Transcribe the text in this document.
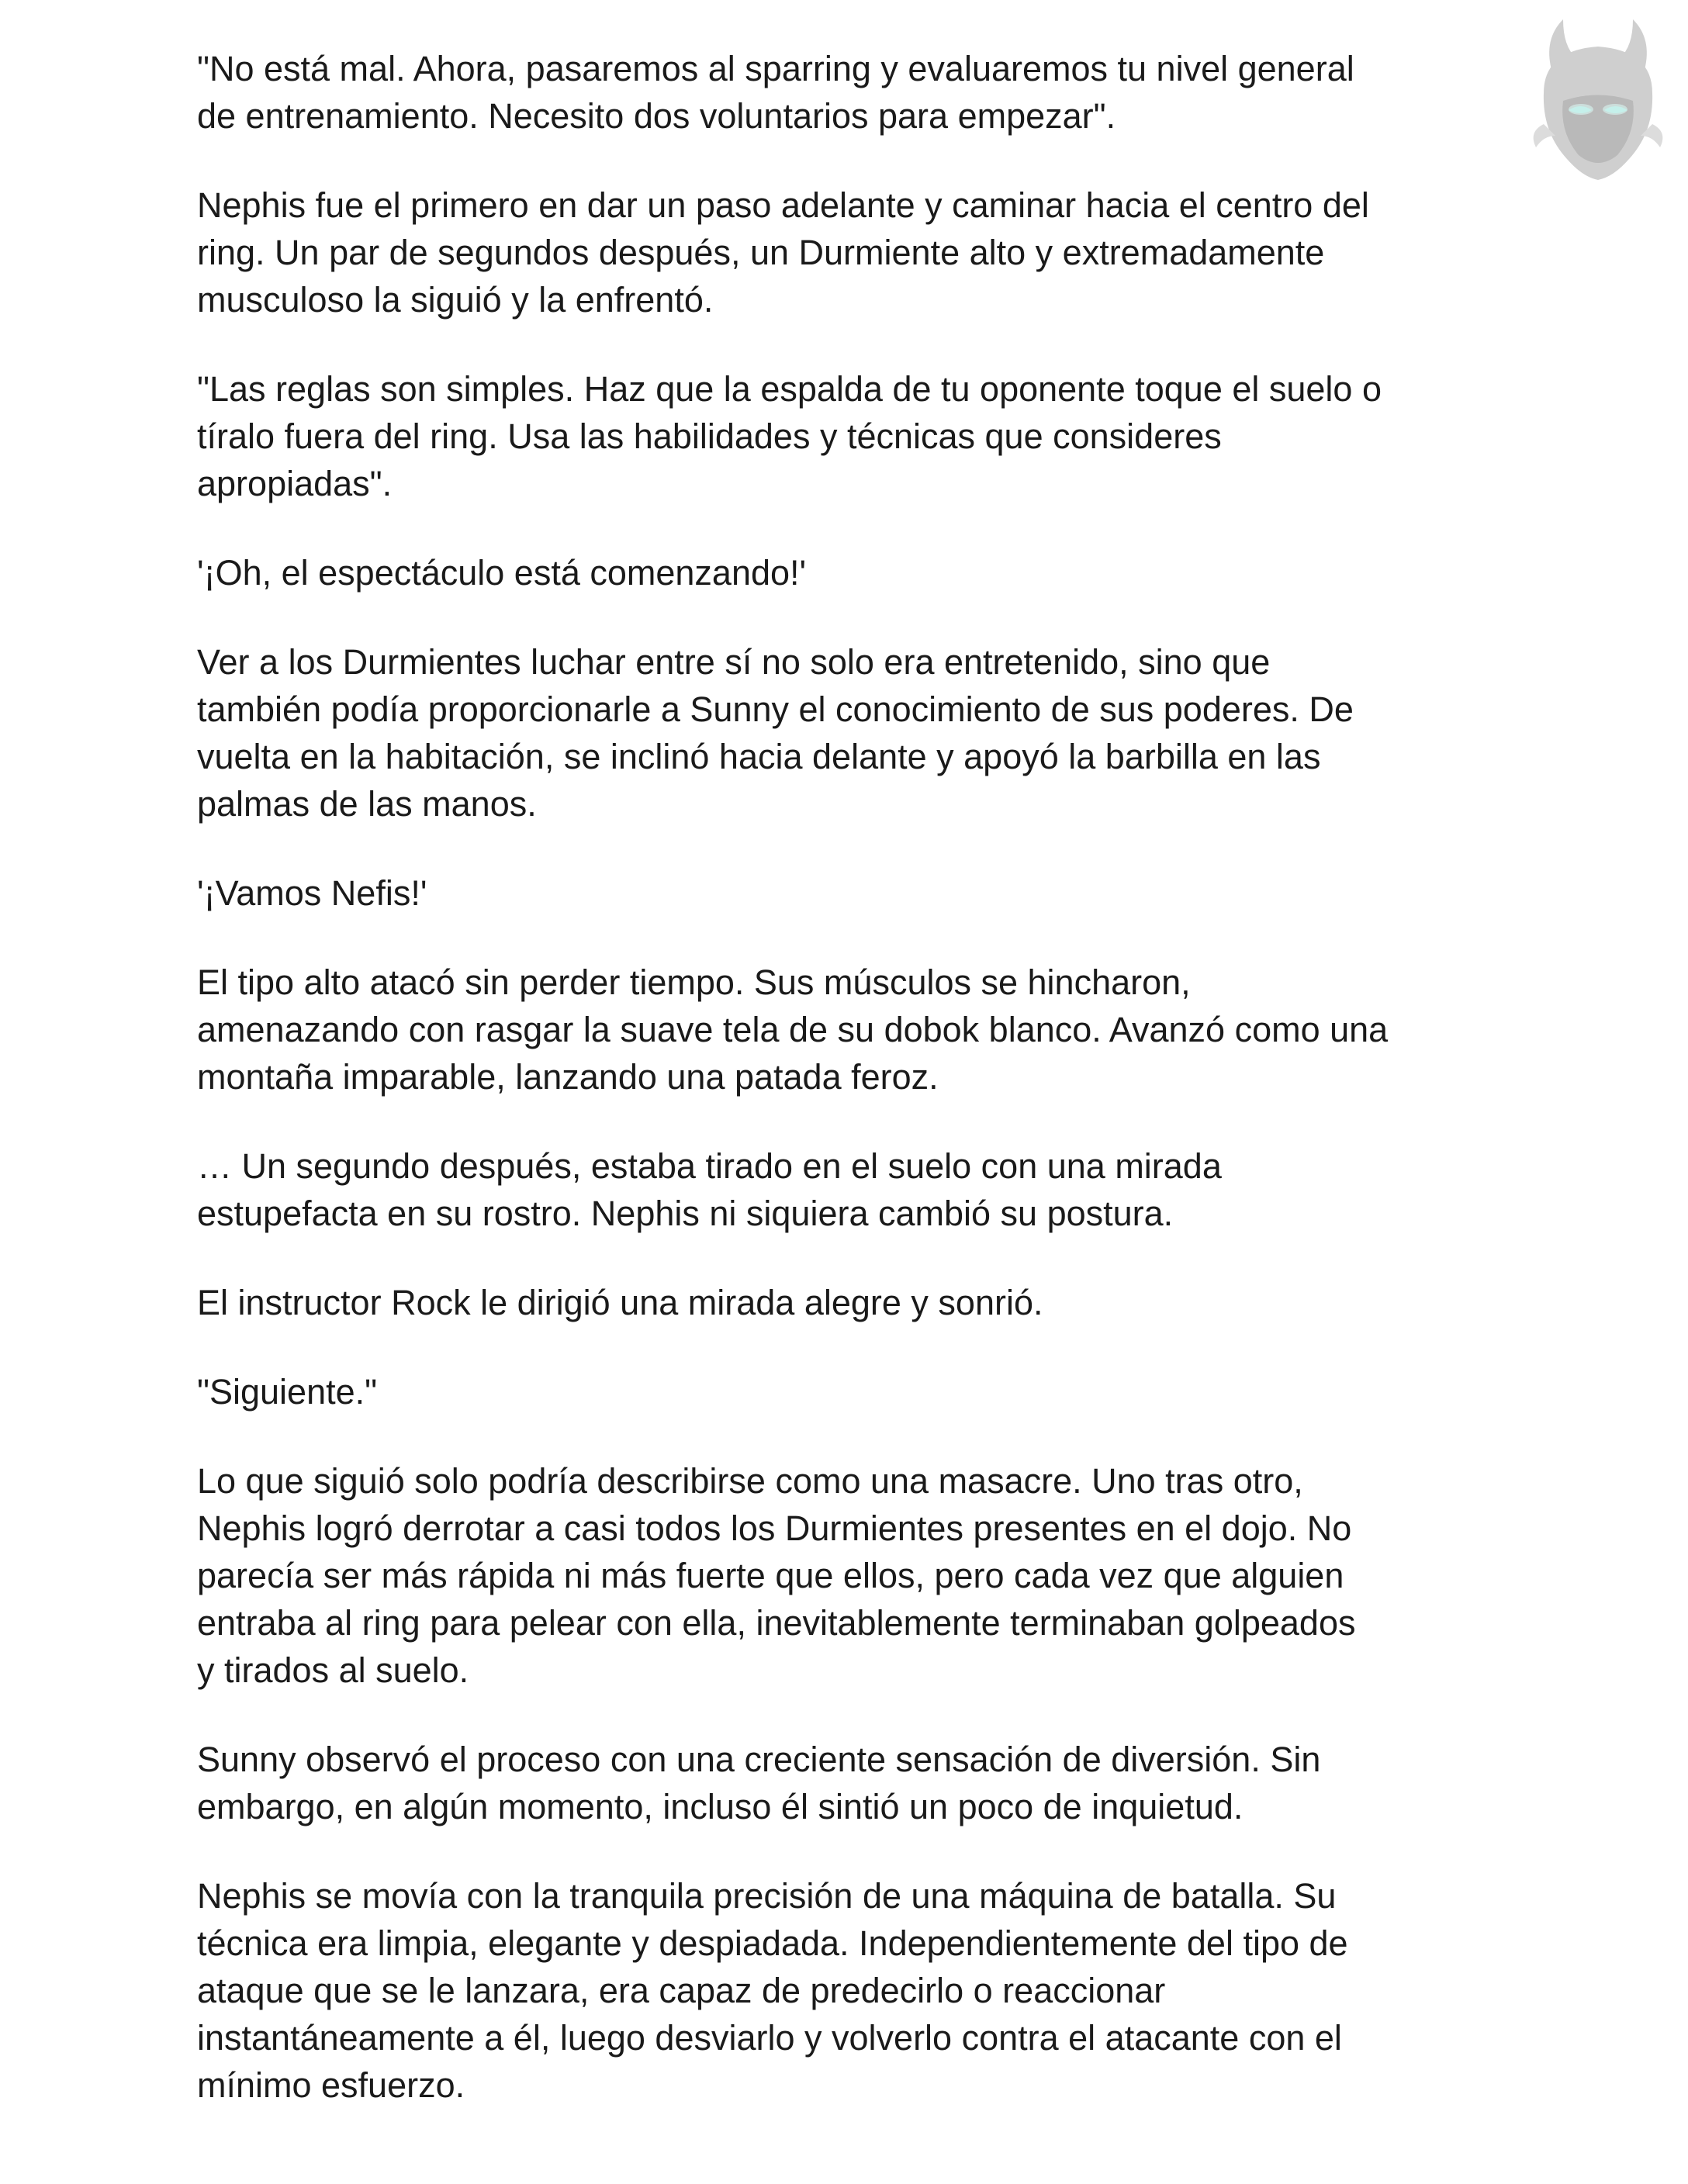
"No está mal. Ahora, pasaremos al sparring y evaluaremos tu nivel general
de entrenamiento. Necesito dos voluntarios para empezar".

Nephis fue el primero en dar un paso adelante y caminar hacia el centro del
ring. Un par de segundos después, un Durmiente alto y extremadamente
musculoso la siguió y la enfrentó.

"Las reglas son simples. Haz que la espalda de tu oponente toque el suelo o
tíralo fuera del ring. Usa las habilidades y técnicas que consideres
apropiadas".

'¡Oh, el espectáculo está comenzando!'

Ver a los Durmientes luchar entre sí no solo era entretenido, sino que
también podía proporcionarle a Sunny el conocimiento de sus poderes. De
vuelta en la habitación, se inclinó hacia delante y apoyó la barbilla en las
palmas de las manos.

'¡Vamos Nefis!'

El tipo alto atacó sin perder tiempo. Sus músculos se hincharon,
amenazando con rasgar la suave tela de su dobok blanco. Avanzó como una
montaña imparable, lanzando una patada feroz.

… Un segundo después, estaba tirado en el suelo con una mirada
estupefacta en su rostro. Nephis ni siquiera cambió su postura.

El instructor Rock le dirigió una mirada alegre y sonrió.

"Siguiente."

Lo que siguió solo podría describirse como una masacre. Uno tras otro,
Nephis logró derrotar a casi todos los Durmientes presentes en el dojo. No
parecía ser más rápida ni más fuerte que ellos, pero cada vez que alguien
entraba al ring para pelear con ella, inevitablemente terminaban golpeados
y tirados al suelo.

Sunny observó el proceso con una creciente sensación de diversión. Sin
embargo, en algún momento, incluso él sintió un poco de inquietud.

Nephis se movía con la tranquila precisión de una máquina de batalla. Su
técnica era limpia, elegante y despiadada. Independientemente del tipo de
ataque que se le lanzara, era capaz de predecirlo o reaccionar
instantáneamente a él, luego desviarlo y volverlo contra el atacante con el
mínimo esfuerzo.
